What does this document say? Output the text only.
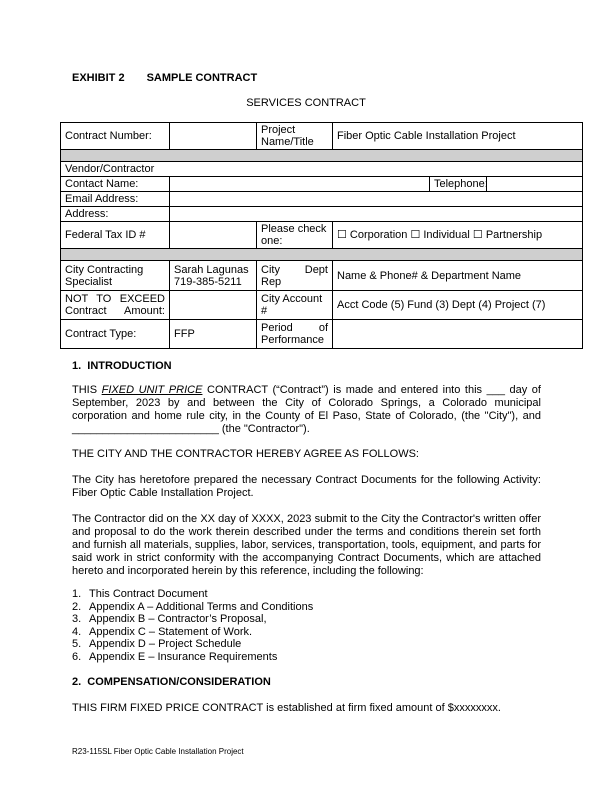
EXHIBIT 2 SAMPLE CONTRACT
SERVICES CONTRACT
Contract Number:		Project Name/Title	Fiber Optic Cable Installation Project		

Vendor/Contractor					
Contact Name:				Telephone:	
Email Address:					
Address:					
Federal Tax ID #		Please check one:	☐ Corporation ☐ Individual ☐ Partnership		

City Contracting Specialist	Sarah Lagunas 719-385-5211	City Dept Rep	Name & Phone# & Department Name		
NOT TO EXCEED Contract Amount:		City Account #	Acct Code (5) Fund (3) Dept (4) Project (7)		
Contract Type:	FFP	Period of Performance			
1.  INTRODUCTION
THIS FIXED UNIT PRICE CONTRACT (“Contract”) is made and entered into this ___ day of September, 2023 by and between the City of Colorado Springs, a Colorado municipal corporation and home rule city, in the County of El Paso, State of Colorado, (the "City"), and ________________________ (the "Contractor").
THE CITY AND THE CONTRACTOR HEREBY AGREE AS FOLLOWS:
The City has heretofore prepared the necessary Contract Documents for the following Activity: Fiber Optic Cable Installation Project.
The Contractor did on the XX day of XXXX, 2023 submit to the City the Contractor's written offer and proposal to do the work therein described under the terms and conditions therein set forth and furnish all materials, supplies, labor, services, transportation, tools, equipment, and parts for said work in strict conformity with the accompanying Contract Documents, which are attached hereto and incorporated herein by this reference, including the following:
1. This Contract Document
2. Appendix A – Additional Terms and Conditions
3. Appendix B – Contractor’s Proposal,
4. Appendix C – Statement of Work.
5. Appendix D – Project Schedule
6. Appendix E – Insurance Requirements
2.  COMPENSATION/CONSIDERATION
THIS FIRM FIXED PRICE CONTRACT is established at firm fixed amount of $xxxxxxxx.
R23-115SL Fiber Optic Cable Installation Project
